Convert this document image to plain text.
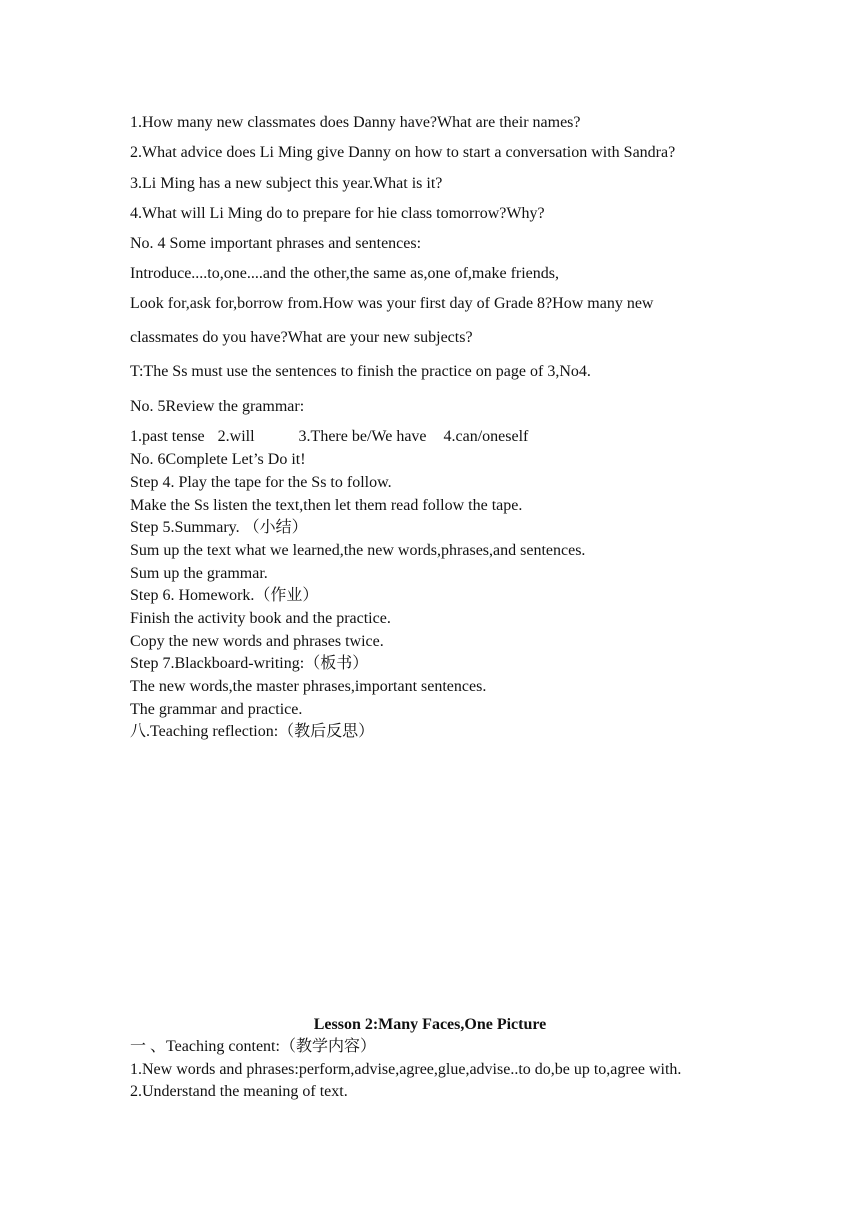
1.How many new classmates does Danny have?What are their names?
2.What advice does Li Ming give Danny on how to start a conversation with Sandra?
3.Li Ming has a new subject this year.What is it?
4.What will Li Ming do to prepare for hie class tomorrow?Why?
No. 4 Some important phrases and sentences:
Introduce....to,one....and the other,the same as,one of,make friends,
Look for,ask for,borrow from.How was your first day of Grade 8?How many new
classmates do you have?What are your new subjects?
T:The Ss must use the sentences to finish the practice on page of 3,No4.
No. 5Review the grammar:
1.past tense 2.will	3.There be/We have 4.can/oneself
No. 6Complete Let’s Do it!
Step 4. Play the tape for the Ss to follow.
Make the Ss listen the text,then let them read follow the tape.
Step 5.Summary. （小结）
Sum up the text what we learned,the new words,phrases,and sentences.
Sum up the grammar.
Step 6. Homework.（作业）
Finish the activity book and the practice.
Copy the new words and phrases twice.
Step 7.Blackboard-writing:（板书）
The new words,the master phrases,important sentences.
The grammar and practice.
八.Teaching reflection:（教后反思）
Lesson 2:Many Faces,One Picture
一 、Teaching content:（教学内容）
1.New words and phrases:perform,advise,agree,glue,advise..to do,be up to,agree with.
2.Understand the meaning of text.
